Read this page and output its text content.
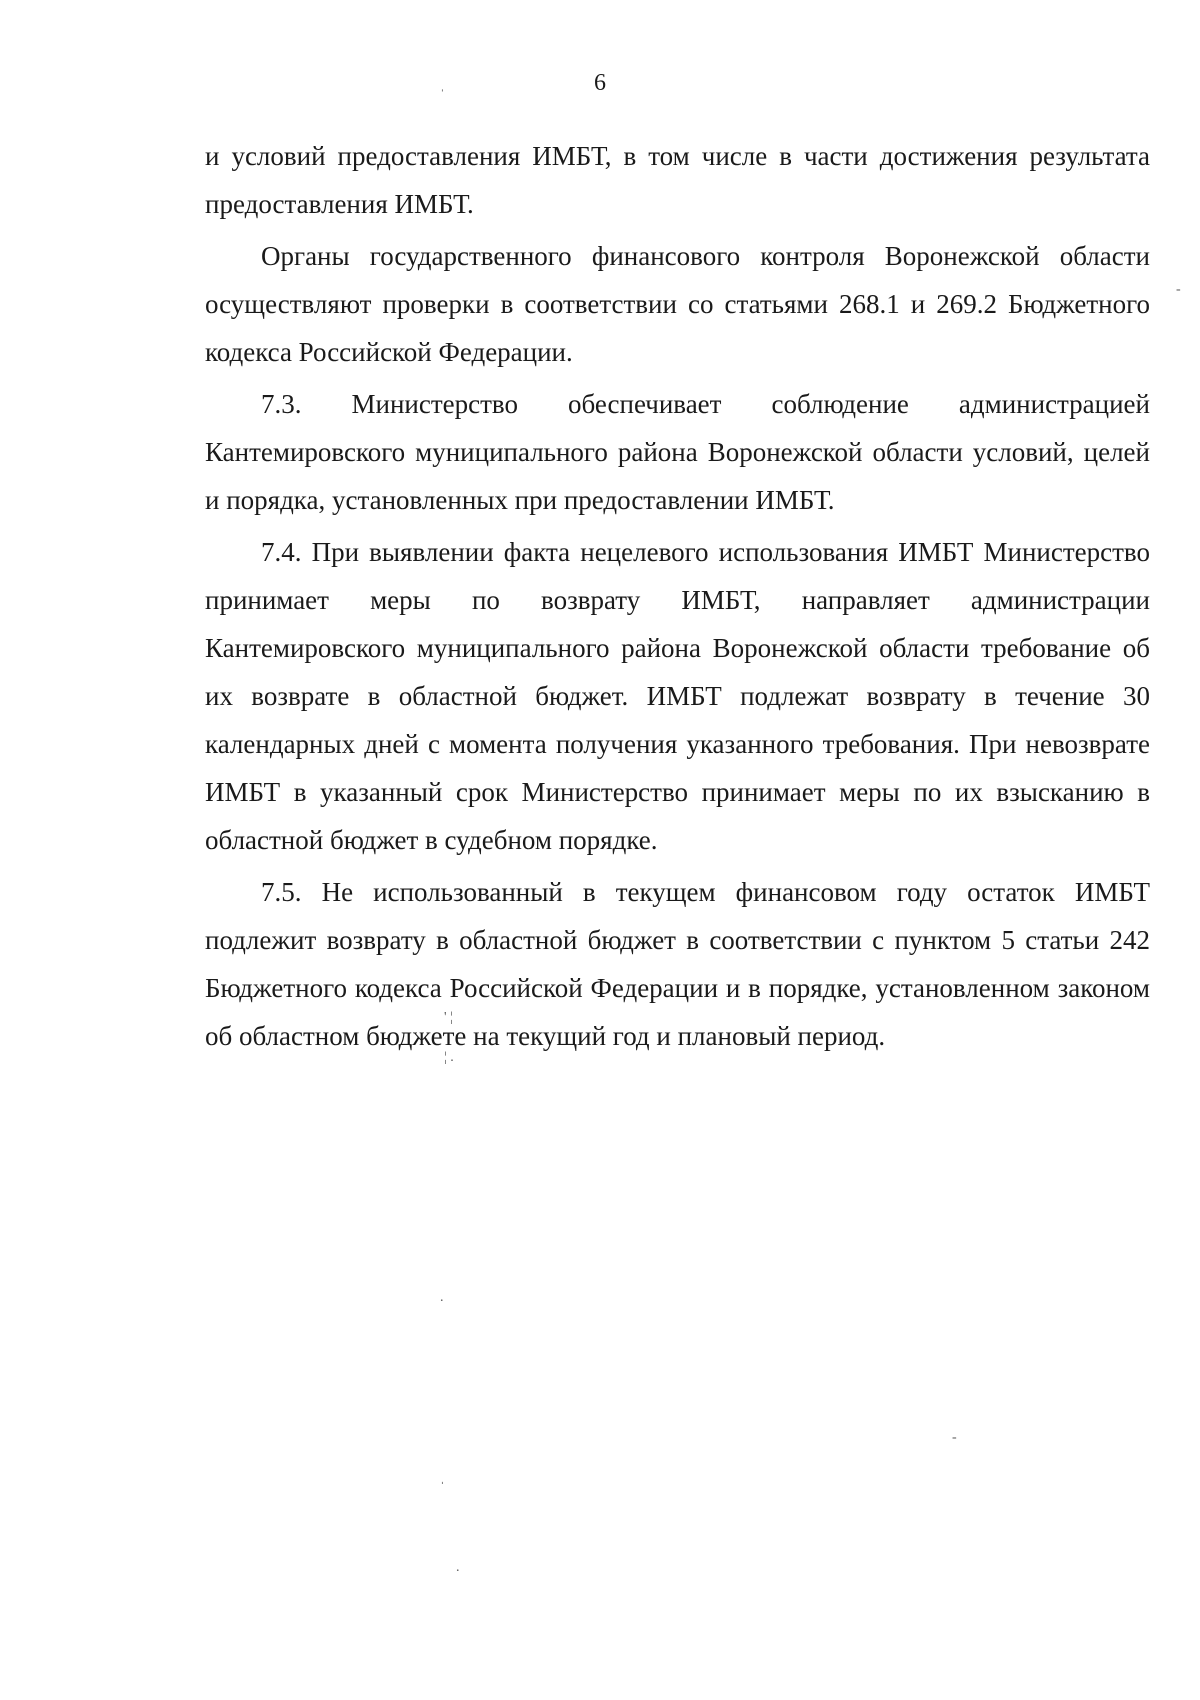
6

и условий предоставления ИМБТ, в том числе в части достижения результата предоставления ИМБТ.

Органы государственного финансового контроля Воронежской области осуществляют проверки в соответствии со статьями 268.1 и 269.2 Бюджетного кодекса Российской Федерации.

7.3. Министерство обеспечивает соблюдение администрацией Кантемировского муниципального района Воронежской области условий, целей и порядка, установленных при предоставлении ИМБТ.

7.4. При выявлении факта нецелевого использования ИМБТ Министерство принимает меры по возврату ИМБТ, направляет администрации Кантемировского муниципального района Воронежской области требование об их возврате в областной бюджет. ИМБТ подлежат возврату в течение 30 календарных дней с момента получения указанного требования. При невозврате ИМБТ в указанный срок Министерство принимает меры по их взысканию в областной бюджет в судебном порядке.

7.5. Не использованный в текущем финансовом году остаток ИМБТ подлежит возврату в областной бюджет в соответствии с пунктом 5 статьи 242 Бюджетного кодекса Российской Федерации и в порядке, установленном законом об областном бюджете на текущий год и плановый период.

ˈ
-
' ¦
¦ .
.
-
ˌ
.
